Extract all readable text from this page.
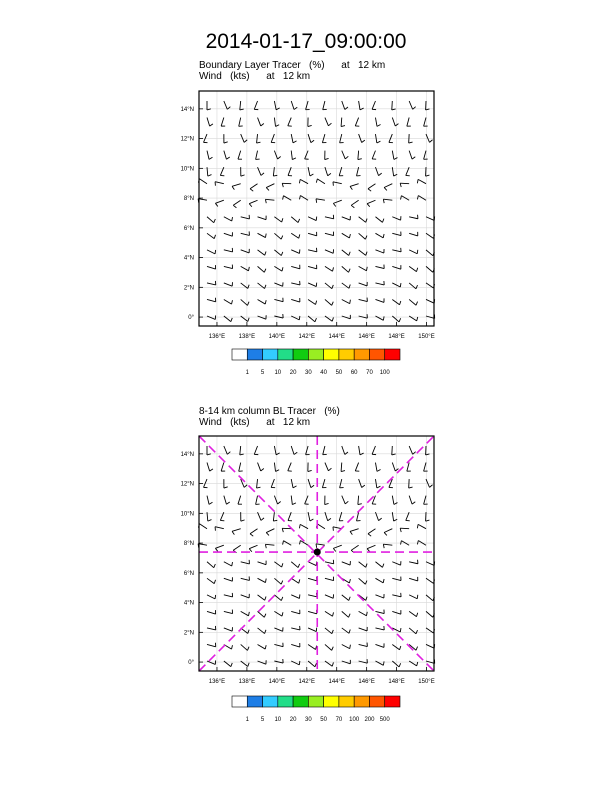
2014-01-17_09:00:00
Boundary Layer Tracer   (%)      at   12 km
Wind   (kts)      at   12 km
8-14 km column BL Tracer   (%)
Wind   (kts)      at   12 km
136°E 138°E 140°E 142°E 144°E 146°E 148°E 150°E
0°
2°N
4°N
6°N
8°N
10°N
12°N
14°N
1 5 10 20 30 40 50 60 70 100
136°E 138°E 140°E 142°E 144°E 146°E 148°E 150°E
0°
2°N
4°N
6°N
8°N
10°N
12°N
14°N
1 5 10 20 30 50 70 100 200 500
